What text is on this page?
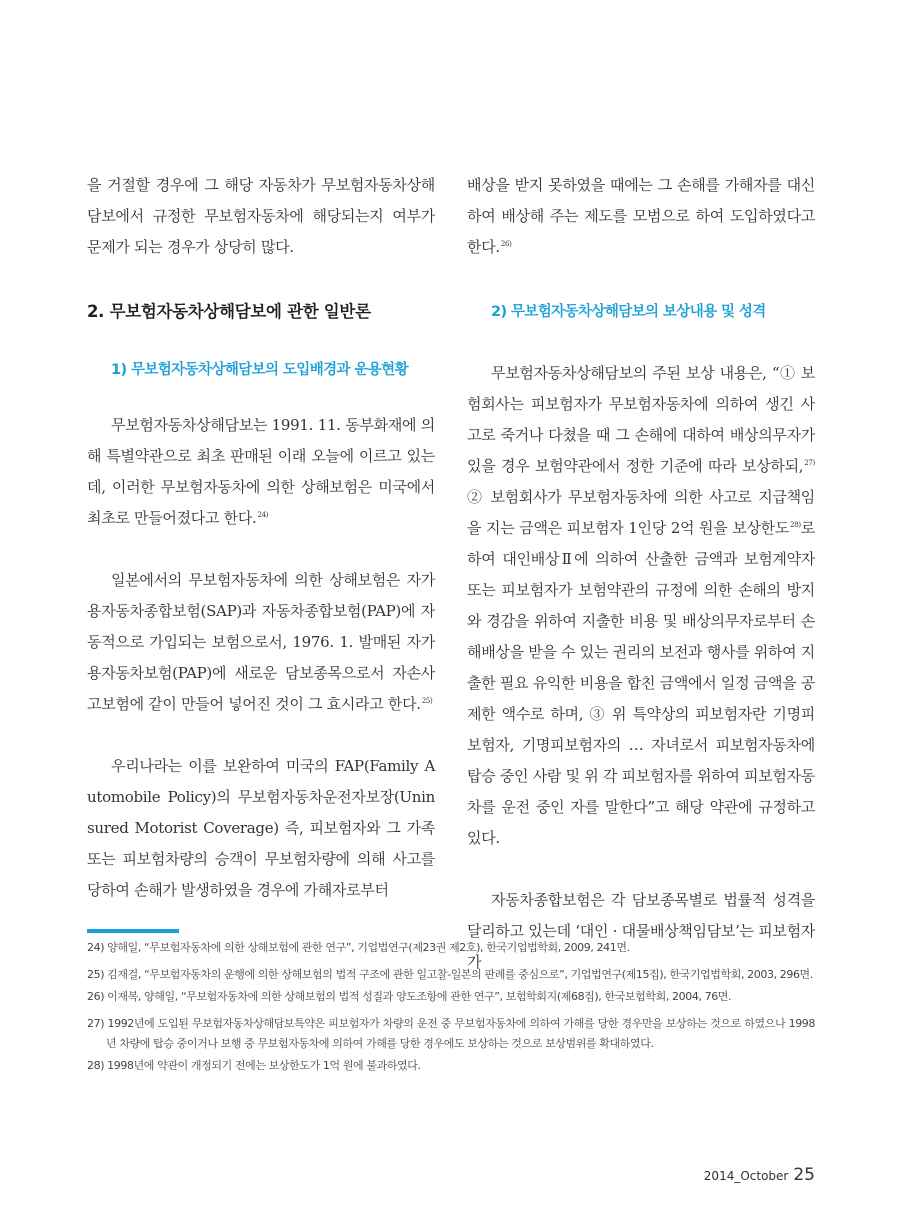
을 거절할 경우에 그 해당 자동차가 무보험자동차상해담보에서 규정한 무보험자동차에 해당되는지 여부가 문제가 되는 경우가 상당히 많다.

2. 무보험자동차상해담보에 관한 일반론
1) 무보험자동차상해담보의 도입배경과 운용현황

무보험자동차상해담보는 1991. 11. 동부화재에 의해 특별약관으로 최초 판매된 이래 오늘에 이르고 있는데, 이러한 무보험자동차에 의한 상해보험은 미국에서 최초로 만들어졌다고 한다.$^{24)}$

일본에서의 무보험자동차에 의한 상해보험은 자가용자동차종합보험(SAP)과 자동차종합보험(PAP)에 자동적으로 가입되는 보험으로서, 1976. 1. 발매된 자가용자동차보험(PAP)에 새로운 담보종목으로서 자손사고보험에 같이 만들어 넣어진 것이 그 효시라고 한다.$^{25)}$

우리나라는 이를 보완하여 미국의 FAP(Family Automobile Policy)의 무보험자동차운전자보장(Uninsured Motorist Coverage) 즉, 피보험자와 그 가족 또는 피보험차량의 승객이 무보험차량에 의해 사고를 당하여 손해가 발생하였을 경우에 가해자로부터

배상을 받지 못하였을 때에는 그 손해를 가해자를 대신하여 배상해 주는 제도를 모범으로 하여 도입하였다고 한다.$^{26)}$

2) 무보험자동차상해담보의 보상내용 및 성격

무보험자동차상해담보의 주된 보상 내용은, “① 보험회사는 피보험자가 무보험자동차에 의하여 생긴 사고로 죽거나 다쳤을 때 그 손해에 대하여 배상의무자가 있을 경우 보험약관에서 정한 기준에 따라 보상하되,$^{27)}$ ② 보험회사가 무보험자동차에 의한 사고로 지급책임을 지는 금액은 피보험자 1인당 2억 원을 보상한도$^{28)}$로 하여 대인배상Ⅱ에 의하여 산출한 금액과 보험계약자 또는 피보험자가 보험약관의 규정에 의한 손해의 방지와 경감을 위하여 지출한 비용 및 배상의무자로부터 손해배상을 받을 수 있는 권리의 보전과 행사를 위하여 지출한 필요 유익한 비용을 합친 금액에서 일정 금액을 공제한 액수로 하며, ③ 위 특약상의 피보험자란 기명피보험자, 기명피보험자의 … 자녀로서 피보험자동차에 탑승 중인 사람 및 위 각 피보험자를 위하여 피보험자동차를 운전 중인 자를 말한다”고 해당 약관에 규정하고 있다.

자동차종합보험은 각 담보종목별로 법률적 성격을 달리하고 있는데 ‘대인 · 대물배상책임담보’는 피보험자가

24) 양해일, “무보험자동차에 의한 상해보험에 관한 연구”, 기업법연구(제23권 제2호), 한국기업법학회, 2009, 241면.

25) 김재걸, “무보험자동차의 운행에 의한 상해보험의 법적 구조에 관한 일고찰-일본의 판례를 중심으로”, 기업법연구(제15집), 한국기업법학회, 2003, 296면.

26) 이재복, 양해일, “무보험자동차에 의한 상해보험의 법적 성질과 양도조항에 관한 연구”, 보험학회지(제68집), 한국보험학회, 2004, 76면.

27) 1992년에 도입된 무보험자동차상해담보특약은 피보험자가 차량의 운전 중 무보험자동차에 의하여 가해를 당한 경우만을 보상하는 것으로 하였으나 1998년 차량에 탑승 중이거나 보행 중 무보험자동차에 의하여 가해를 당한 경우에도 보상하는 것으로 보상범위를 확대하였다.

28) 1998년에 약관이 개정되기 전에는 보상한도가 1억 원에 불과하였다.

2014_October 25
